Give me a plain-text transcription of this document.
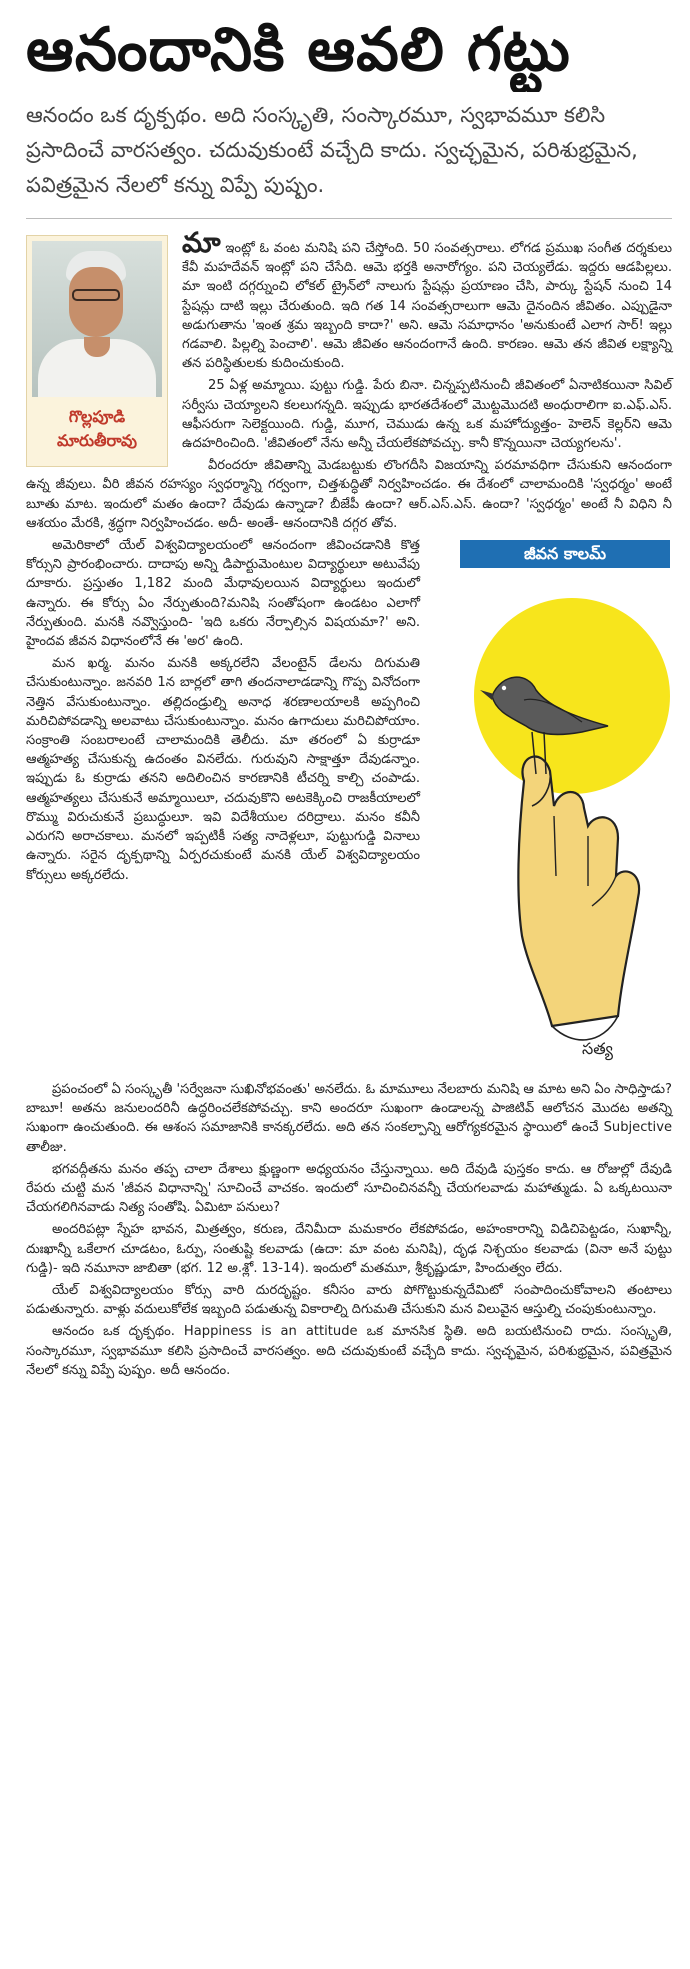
ఆనందానికి ఆవలి గట్టు
ఆనందం ఒక దృక్పథం. అది సంస్కృతి, సంస్కారమూ, స్వభావమూ కలిసి ప్రసాదించే వారసత్వం. చదువుకుంటే వచ్చేది కాదు. స్వచ్ఛమైన, పరిశుభ్రమైన, పవిత్రమైన నేలలో కన్ను విప్పే పుష్పం.
గొల్లపూడి
మారుతీరావు

మా ఇంట్లో ఓ వంట మనిషి పని చేస్తోంది. 50 సంవత్సరాలు. లోగడ ప్రముఖ సంగీత దర్శకులు కేవీ మహదేవన్ ఇంట్లో పని చేసేది. ఆమె భర్తకి అనారోగ్యం. పని చెయ్యలేడు. ఇద్దరు ఆడపిల్లలు. మా ఇంటి దగ్గర్నుంచి లోకల్ ట్రైన్‌లో నాలుగు స్టేషన్లు ప్రయాణం చేసి, పార్కు స్టేషన్ నుంచి 14 స్టేషన్లు దాటి ఇల్లు చేరుతుంది. ఇది గత 14 సంవత్సరాలుగా ఆమె దైనందిన జీవితం. ఎప్పుడైనా అడుగుతాను 'ఇంత శ్రమ ఇబ్బంది కాదా?' అని. ఆమె సమాధానం 'అనుకుంటే ఎలాగ సార్! ఇల్లు గడవాలి. పిల్లల్ని పెంచాలి'. ఆమె జీవితం ఆనందంగానే ఉంది. కారణం. ఆమె తన జీవిత లక్ష్యాన్ని తన పరిస్థితులకు కుదించుకుంది.

25 ఏళ్ల అమ్మాయి. పుట్టు గుడ్డి. పేరు బినా. చిన్నప్పటినుంచీ జీవితంలో ఏనాటికయినా సివిల్ సర్వీసు చెయ్యాలని కలలుగన్నది. ఇప్పుడు భారతదేశంలో మొట్టమొదటి అంధురాలిగా ఐ.ఎఫ్.ఎస్. ఆఫీసరుగా సెలెక్టయింది. గుడ్డి, మూగ, చెముడు ఉన్న ఒక మహోద్యుత్తం- హెలెన్ కెల్లర్‌ని ఆమె ఉదహరించింది. 'జీవితంలో నేను అన్నీ చేయలేకపోవచ్చు. కానీ కొన్నయినా చెయ్యగలను'.

వీరందరూ జీవితాన్ని మెడబట్టుకు లొంగదీసి విజయాన్ని పరమావధిగా చేసుకుని ఆనందంగా ఉన్న జీవులు. వీరి జీవన రహస్యం స్వధర్మాన్ని గర్వంగా, చిత్తశుద్ధితో నిర్వహించడం. ఈ దేశంలో చాలామందికి 'స్వధర్మం' అంటే బూతు మాట. ఇందులో మతం ఉందా? దేవుడు ఉన్నాడా? బీజేపీ ఉందా? ఆర్.ఎస్.ఎస్. ఉందా? 'స్వధర్మం' అంటే నీ విధిని నీ ఆశయం మేరకి, శ్రద్ధగా నిర్వహించడం. అదీ- అంతే- ఆనందానికి దగ్గర తోవ.

జీవన కాలమ్
సత్య

అమెరికాలో యేల్ విశ్వవిద్యాలయంలో ఆనందంగా జీవించడానికి కొత్త కోర్సుని ప్రారంభించారు. దాదాపు అన్ని డిపార్టుమెంటుల విద్యార్థులూ అటువేపు దూకారు. ప్రస్తుతం 1,182 మంది మేధావులయిన విద్యార్థులు ఇందులో ఉన్నారు. ఈ కోర్సు ఏం నేర్పుతుంది?మనిషి సంతోషంగా ఉండటం ఎలాగో నేర్పుతుంది. మనకి నవ్వొస్తుంది- 'ఇది ఒకరు నేర్పాల్సిన విషయమా?' అని. హైందవ జీవన విధానంలోనే ఈ 'అర' ఉంది.

మన ఖర్మ. మనం మనకి అక్కరలేని వేలంటైన్ డేలను దిగుమతి చేసుకుంటున్నాం. జనవరి 1న బార్లలో తాగి తందనాలాడడాన్ని గొప్ప వినోదంగా నెత్తిన వేసుకుంటున్నాం. తల్లిదండ్రుల్ని అనాధ శరణాలయాలకి అప్పగించి మరిచిపోవడాన్ని అలవాటు చేసుకుంటున్నాం. మనం ఉగాదులు మరిచిపోయాం. సంక్రాంతి సంబరాలంటే చాలామందికి తెలీదు. మా తరంలో ఏ కుర్రాడూ ఆత్మహత్య చేసుకున్న ఉదంతం వినలేదు. గురువుని సాక్షాత్తూ దేవుడన్నాం. ఇప్పుడు ఓ కుర్రాడు తనని అదిలించిన కారణానికి టీచర్ని కాల్చి చంపాడు. ఆత్మహత్యలు చేసుకునే అమ్మాయిలూ, చదువుకొని అటకెక్కించి రాజకీయాలలో రొమ్ము విరుచుకునే ప్రబుద్ధులూ. ఇవి విదేశీయుల దరిద్రాలు. మనం కవీనీ ఎరుగని అరాచకాలు. మనలో ఇప్పటికీ సత్య నాదెళ్లలూ, పుట్టుగుడ్డి వినాలు ఉన్నారు. సరైన దృక్పథాన్ని ఏర్పరచుకుంటే మనకి యేల్ విశ్వవిద్యాలయం కోర్సులు అక్కరలేదు.

ప్రపంచంలో ఏ సంస్కృతీ 'సర్వేజనా సుఖినోభవంతు' అనలేదు. ఓ మామూలు నేలబారు మనిషి ఆ మాట అని ఏం సాధిస్తాడు? బాబూ! అతను జనులందరినీ ఉద్ధరించలేకపోవచ్చు. కాని అందరూ సుఖంగా ఉండాలన్న పాజిటివ్ ఆలోచన మొదట అతన్ని సుఖంగా ఉంచుతుంది. ఈ ఆశంస సమాజానికి కానక్కరలేదు. అది తన సంకల్పాన్ని ఆరోగ్యకరమైన స్థాయిలో ఉంచే Subjective తాలీజు.

భగవద్గీతను మనం తప్ప చాలా దేశాలు క్షుణ్ణంగా అధ్యయనం చేస్తున్నాయి. అది దేవుడి పుస్తకం కాదు. ఆ రోజుల్లో దేవుడి రేపరు చుట్టి మన 'జీవన విధానాన్ని' సూచించే వాచకం. ఇందులో సూచించినవన్నీ చేయగలవాడు మహాత్ముడు. ఏ ఒక్కటయినా చేయగలిగినవాడు నిత్య సంతోషి. ఏమిటా పనులు?

అందరిపట్లా స్నేహ భావన, మిత్రత్వం, కరుణ, దేనిమీదా మమకారం లేకపోవడం, అహంకారాన్ని విడిచిపెట్టడం, సుఖాన్నీ, దుఃఖాన్నీ ఒకేలాగ చూడటం, ఓర్పు, సంతుష్టి కలవాడు (ఉదా: మా వంట మనిషి), దృఢ నిశ్చయం కలవాడు (వినా అనే పుట్టు గుడ్డి)- ఇది నమూనా జాబితా (భగ. 12 అ.శ్లో. 13-14). ఇందులో మతమూ, శ్రీకృష్ణుడూ, హిందుత్వం లేదు.

యేల్ విశ్వవిద్యాలయం కోర్సు వారి దురదృష్టం. కనీసం వారు పోగొట్టుకున్నదేమిటో సంపాదించుకోవాలని తంటాలు పడుతున్నారు. వాళ్లు వదులుకోలేక ఇబ్బంది పడుతున్న వికారాల్ని దిగుమతి చేసుకుని మన విలువైన ఆస్తుల్ని చంపుకుంటున్నాం.

ఆనందం ఒక దృక్పథం. Happiness is an attitude ఒక మానసిక స్థితి. అది బయటినుంచి రాదు. సంస్కృతి, సంస్కారమూ, స్వభావమూ కలిసి ప్రసాదించే వారసత్వం. అది చదువుకుంటే వచ్చేది కాదు. స్వచ్ఛమైన, పరిశుభ్రమైన, పవిత్రమైన నేలలో కన్ను విప్పే పుష్పం. అదీ ఆనందం.
